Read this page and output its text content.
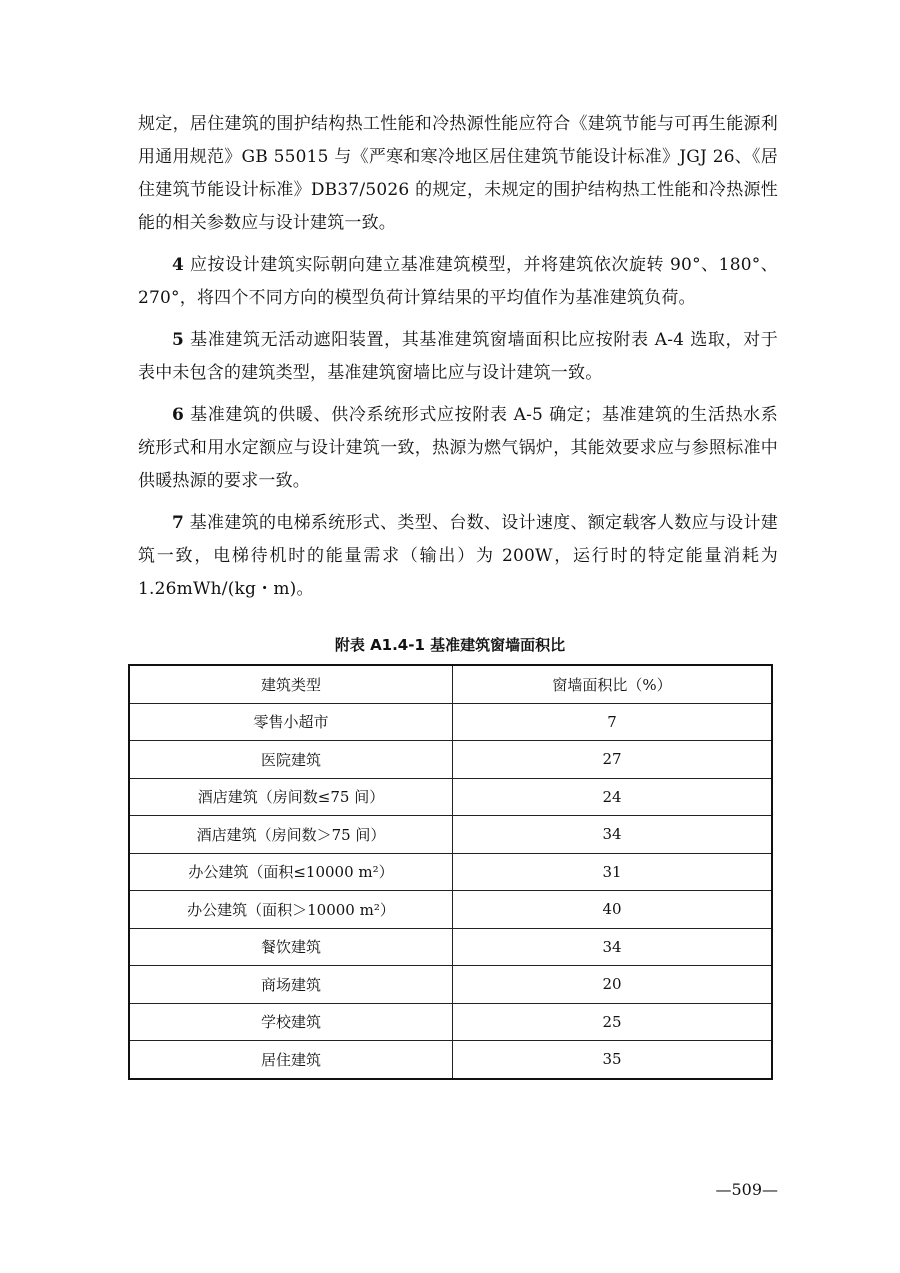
规定，居住建筑的围护结构热工性能和冷热源性能应符合《建筑节能与可再生能源利用通用规范》GB 55015 与《严寒和寒冷地区居住建筑节能设计标准》JGJ 26、《居住建筑节能设计标准》DB37/5026 的规定，未规定的围护结构热工性能和冷热源性能的相关参数应与设计建筑一致。

4 应按设计建筑实际朝向建立基准建筑模型，并将建筑依次旋转 90°、180°、270°，将四个不同方向的模型负荷计算结果的平均值作为基准建筑负荷。

5 基准建筑无活动遮阳装置，其基准建筑窗墙面积比应按附表 A-4 选取，对于表中未包含的建筑类型，基准建筑窗墙比应与设计建筑一致。

6 基准建筑的供暖、供冷系统形式应按附表 A-5 确定；基准建筑的生活热水系统形式和用水定额应与设计建筑一致，热源为燃气锅炉，其能效要求应与参照标准中供暖热源的要求一致。

7 基准建筑的电梯系统形式、类型、台数、设计速度、额定载客人数应与设计建筑一致，电梯待机时的能量需求（输出）为 200W，运行时的特定能量消耗为 1.26mWh/(kg・m)。

附表 A1.4-1 基准建筑窗墙面积比
建筑类型	窗墙面积比（%）
零售小超市	7
医院建筑	27
酒店建筑（房间数≤75 间）	24
酒店建筑（房间数＞75 间）	34
办公建筑（面积≤10000 m²）	31
办公建筑（面积＞10000 m²）	40
餐饮建筑	34
商场建筑	20
学校建筑	25
居住建筑	35
—509—
